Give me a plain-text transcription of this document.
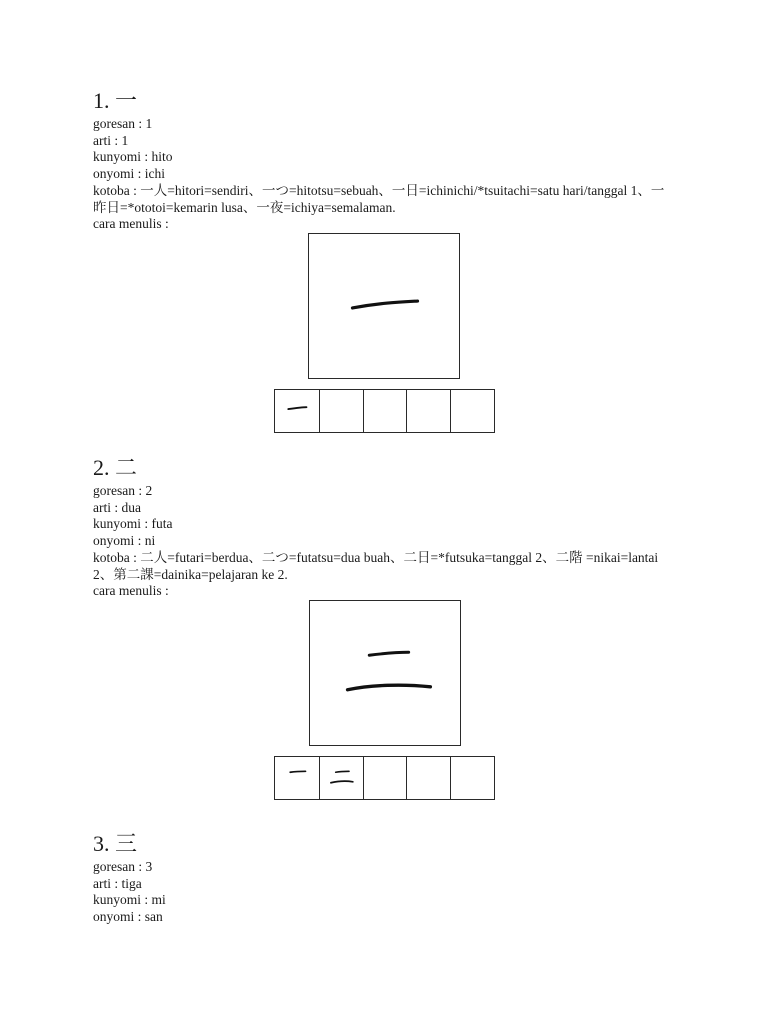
1. 一
goresan : 1
arti : 1
kunyomi : hito
onyomi : ichi
kotoba : 一人=hitori=sendiri、一つ=hitotsu=sebuah、一日=ichinichi/*tsuitachi=satu hari/tanggal 1、一昨日=*ototoi=kemarin lusa、一夜=ichiya=semalaman.
cara menulis :
2. 二
goresan : 2
arti : dua
kunyomi : futa
onyomi : ni
kotoba : 二人=futari=berdua、二つ=futatsu=dua buah、二日=*futsuka=tanggal 2、二階 =nikai=lantai 2、第二課=dainika=pelajaran ke 2.
cara menulis :
3. 三
goresan : 3
arti : tiga
kunyomi : mi
onyomi : san
